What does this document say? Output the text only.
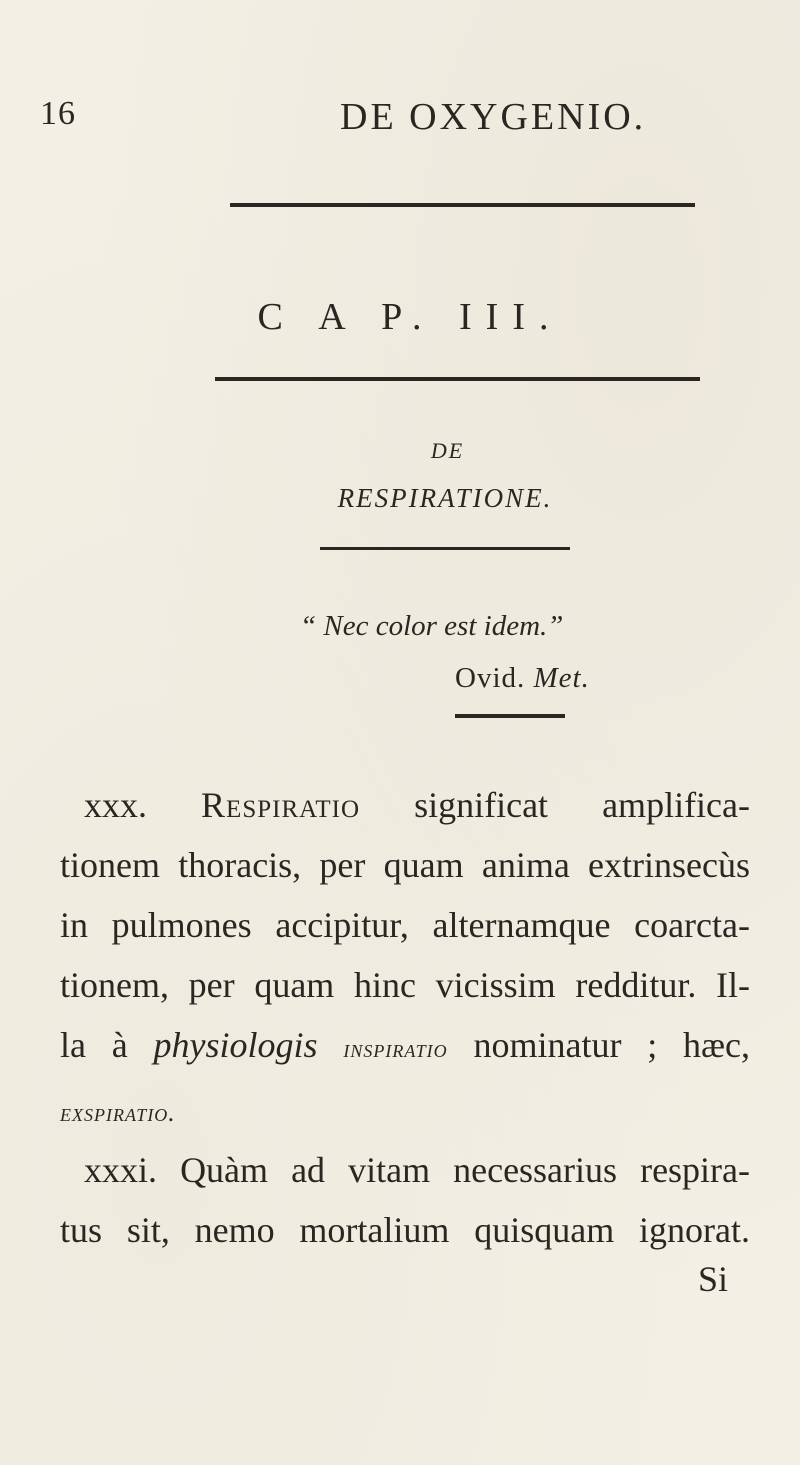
16	DE OXYGENIO.
C A P. III.
DE
RESPIRATIONE.
“ Nec color est idem.”
Ovid. Met.
xxx. Respiratio significat amplifica-
tionem thoracis, per quam anima extrinsecùs
in pulmones accipitur, alternamque coarcta-
tionem, per quam hinc vicissim redditur. Il-
la à physiologis inspiratio nominatur ; hæc,
exspiratio.
xxxi. Quàm ad vitam necessarius respira-
tus sit, nemo mortalium quisquam ignorat.
Si
